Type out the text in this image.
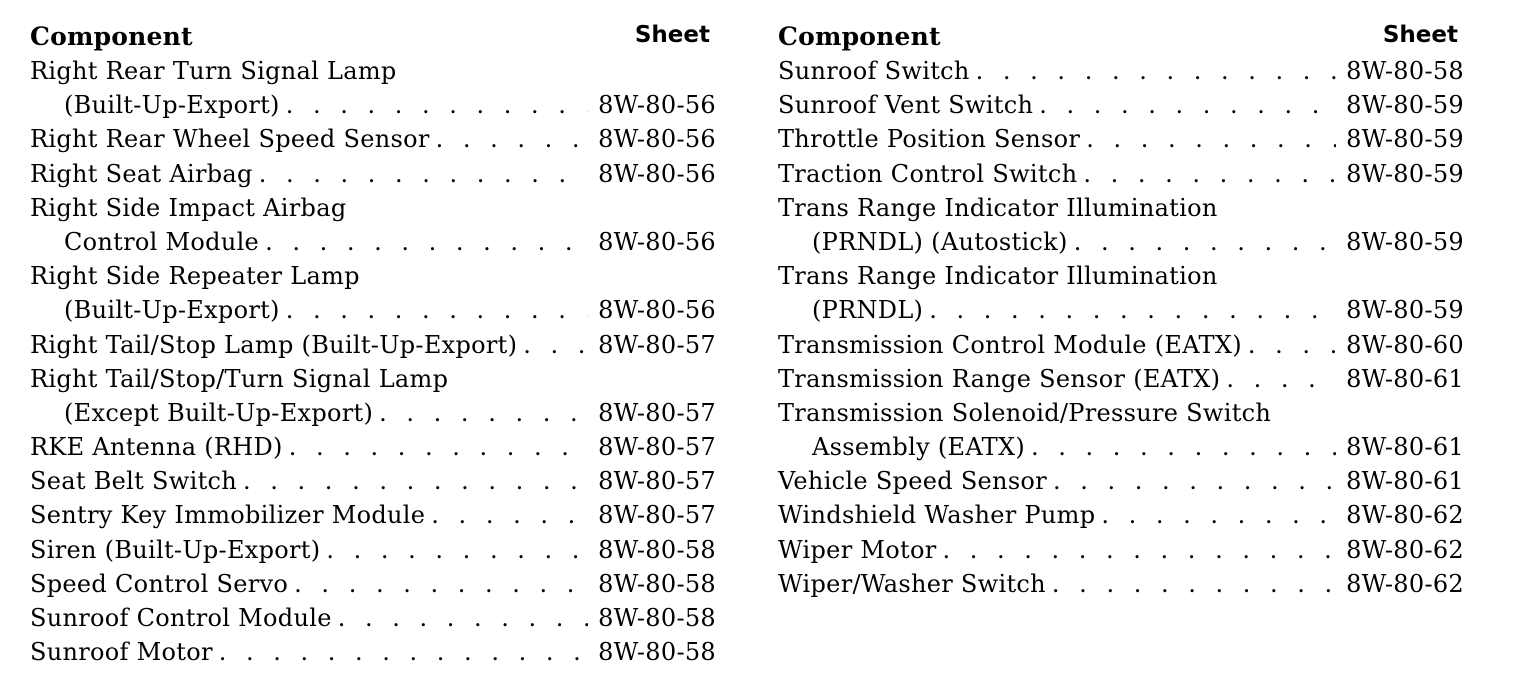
Component	Sheet
Right Rear Turn Signal Lamp
(Built-Up-Export) . . .	8W-80-56
Right Rear Wheel Speed Sensor . . .	8W-80-56
Right Seat Airbag . . .	8W-80-56
Right Side Impact Airbag
Control Module . . .	8W-80-56
Right Side Repeater Lamp
(Built-Up-Export) . . .	8W-80-56
Right Tail/Stop Lamp (Built-Up-Export) . . .	8W-80-57
Right Tail/Stop/Turn Signal Lamp
(Except Built-Up-Export) . . .	8W-80-57
RKE Antenna (RHD) . . .	8W-80-57
Seat Belt Switch . . .	8W-80-57
Sentry Key Immobilizer Module . . .	8W-80-57
Siren (Built-Up-Export) . . .	8W-80-58
Speed Control Servo . . .	8W-80-58
Sunroof Control Module . . .	8W-80-58
Sunroof Motor . . .	8W-80-58
Component	Sheet
Sunroof Switch . . .	8W-80-58
Sunroof Vent Switch . . .	8W-80-59
Throttle Position Sensor . . .	8W-80-59
Traction Control Switch . . .	8W-80-59
Trans Range Indicator Illumination
(PRNDL) (Autostick) . . .	8W-80-59
Trans Range Indicator Illumination
(PRNDL) . . .	8W-80-59
Transmission Control Module (EATX) . . .	8W-80-60
Transmission Range Sensor (EATX) . . .	8W-80-61
Transmission Solenoid/Pressure Switch
Assembly (EATX) . . .	8W-80-61
Vehicle Speed Sensor . . .	8W-80-61
Windshield Washer Pump . . .	8W-80-62
Wiper Motor . . .	8W-80-62
Wiper/Washer Switch . . .	8W-80-62
